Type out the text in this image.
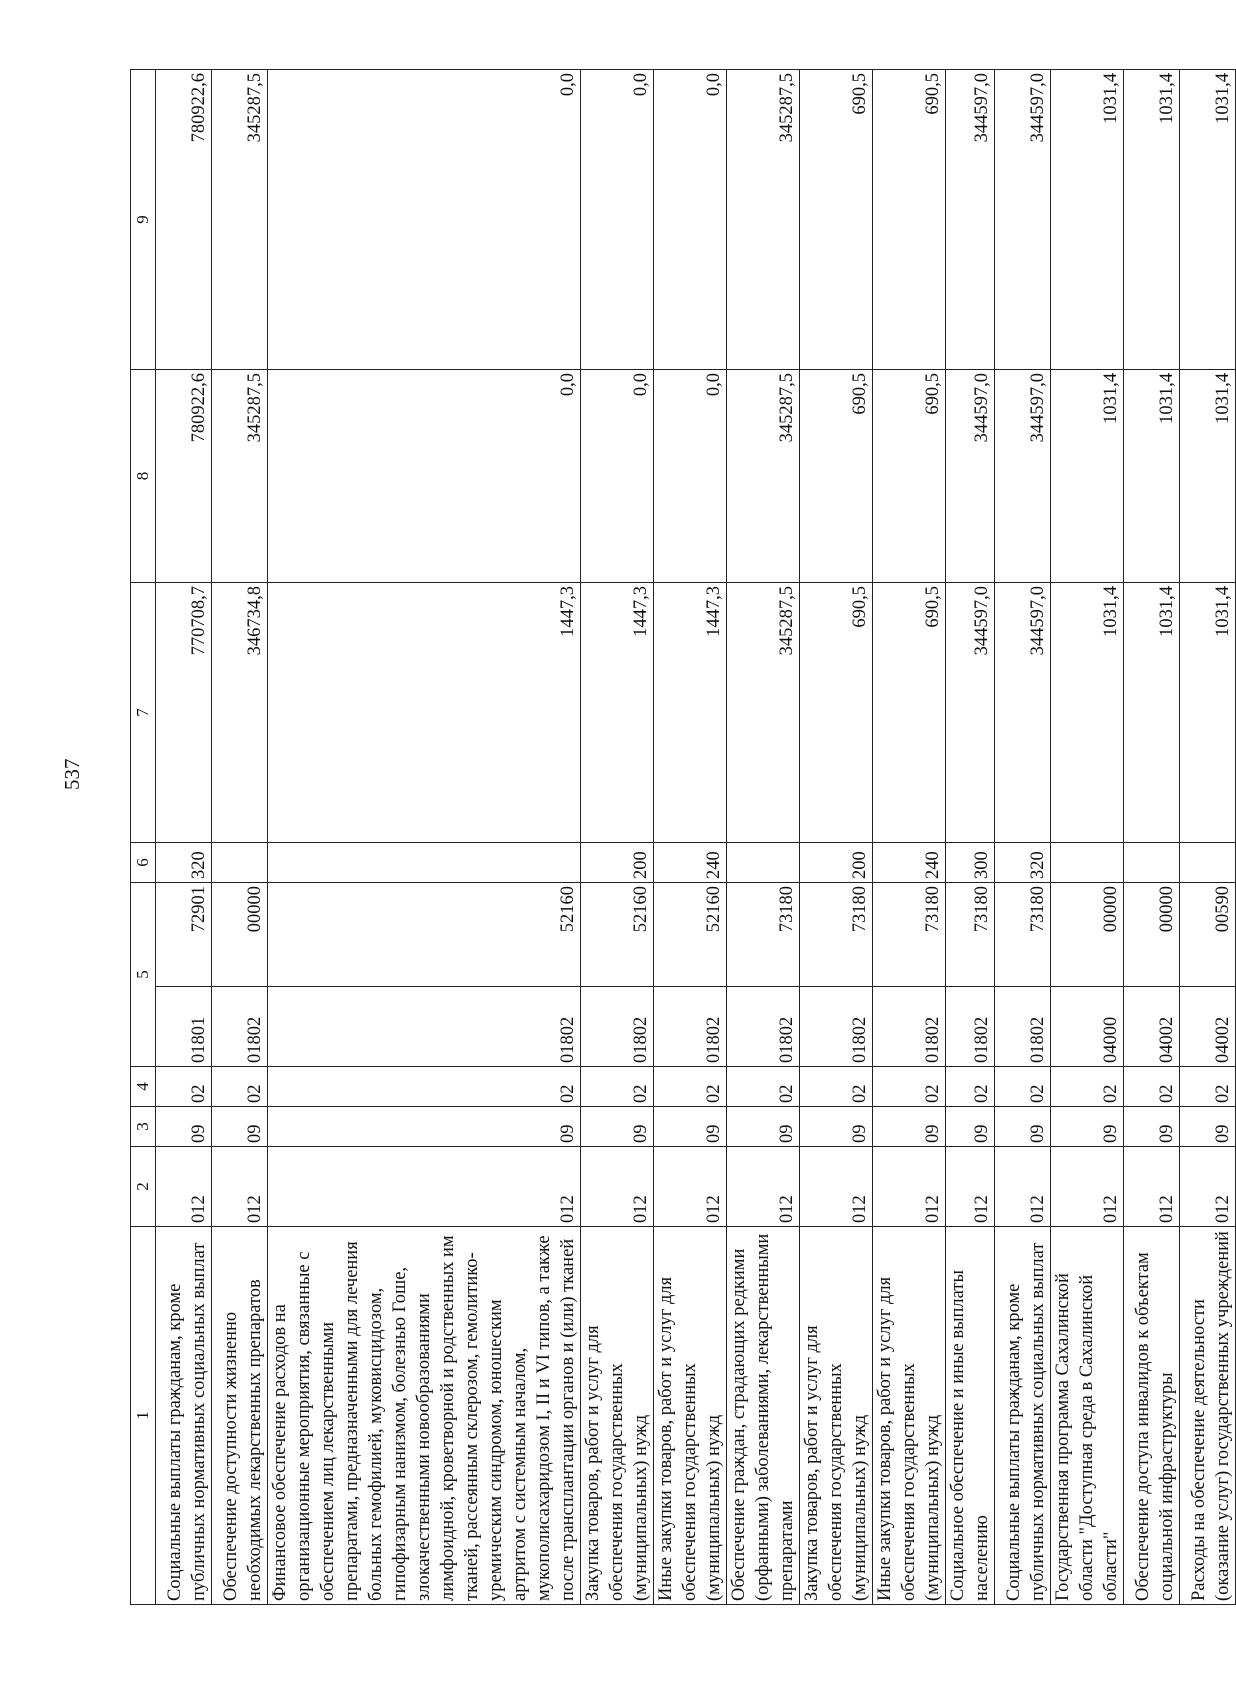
537
1	2	3	4	5		6	7	8	9
Социальные выплаты гражданам, кроме публичных нормативных социальных выплат	012	09	02	01801	72901	320	770708,7	780922,6	780922,6
Обеспечение доступности жизненно необходимых лекарственных препаратов	012	09	02	01802	00000		346734,8	345287,5	345287,5
Финансовое обеспечение расходов на организационные мероприятия, связанные с обеспечением лиц лекарственными препаратами, предназначенными для лечения больных гемофилией, муковисцидозом, гипофизарным нанизмом, болезнью Гоше, злокачественными новообразованиями лимфоидной, кроветворной и родственных им тканей, рассеянным склерозом, гемолитико-уремическим синдромом, юношеским артритом с системным началом, мукополисахаридозом I, II и VI типов, а также после трансплантации органов и (или) тканей	012	09	02	01802	52160		1447,3	0,0	0,0
Закупка товаров, работ и услуг для обеспечения государственных (муниципальных) нужд	012	09	02	01802	52160	200	1447,3	0,0	0,0
Иные закупки товаров, работ и услуг для обеспечения государственных (муниципальных) нужд	012	09	02	01802	52160	240	1447,3	0,0	0,0
Обеспечение граждан, страдающих редкими (орфанными) заболеваниями, лекарственными препаратами	012	09	02	01802	73180		345287,5	345287,5	345287,5
Закупка товаров, работ и услуг для обеспечения государственных (муниципальных) нужд	012	09	02	01802	73180	200	690,5	690,5	690,5
Иные закупки товаров, работ и услуг для обеспечения государственных (муниципальных) нужд	012	09	02	01802	73180	240	690,5	690,5	690,5
Социальное обеспечение и иные выплаты населению	012	09	02	01802	73180	300	344597,0	344597,0	344597,0
Социальные выплаты гражданам, кроме публичных нормативных социальных выплат	012	09	02	01802	73180	320	344597,0	344597,0	344597,0
Государственная программа Сахалинской области "Доступная среда в Сахалинской области"	012	09	02	04000	00000		1031,4	1031,4	1031,4
Обеспечение доступа инвалидов к объектам социальной инфраструктуры	012	09	02	04002	00000		1031,4	1031,4	1031,4
Расходы на обеспечение деятельности (оказание услуг) государственных учреждений	012	09	02	04002	00590		1031,4	1031,4	1031,4
